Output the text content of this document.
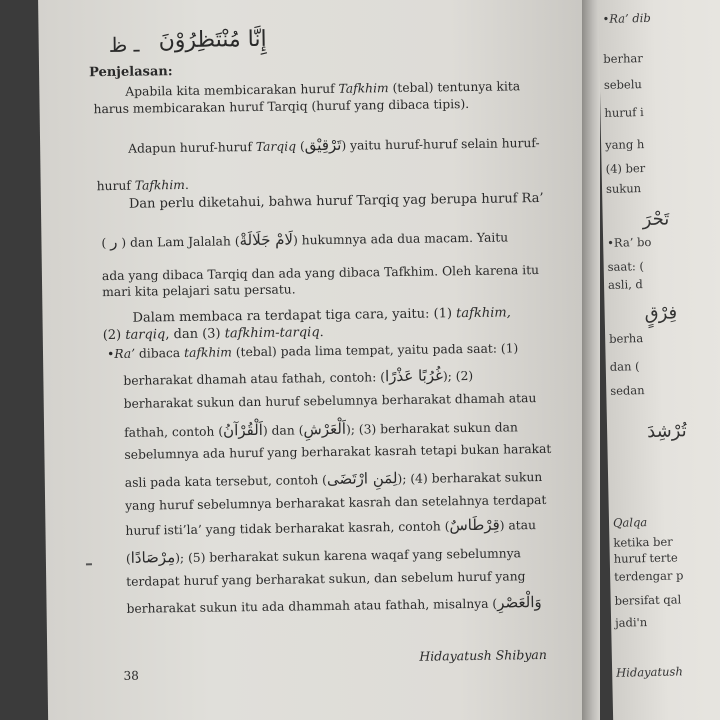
إِنَّا مُنْتَظِرُوْنَ
ـ ظ
Penjelasan:
Apabila kita membicarakan huruf Tafkhim (tebal) tentunya kita
harus membicarakan huruf Tarqiq (huruf yang dibaca tipis).
Adapun huruf-huruf Tarqiq (تَرْقِيْق) yaitu huruf-huruf selain huruf-
huruf Tafkhim.
Dan perlu diketahui, bahwa huruf Tarqiq yag berupa huruf Ra’
( ر ) dan Lam Jalalah (لَامْ جَلَالَةْ) hukumnya ada dua macam. Yaitu
ada yang dibaca Tarqiq dan ada yang dibaca Tafkhim. Oleh karena itu
mari kita pelajari satu persatu.
Dalam membaca ra terdapat tiga cara, yaitu: (1) tafkhim,
(2) tarqiq, dan (3) tafkhim-tarqiq.
•Ra’ dibaca tafkhim (tebal) pada lima tempat, yaitu pada saat: (1)
berharakat dhamah atau fathah, contoh: (غُرُبًا عَذْرًا); (2)
berharakat sukun dan huruf sebelumnya berharakat dhamah atau
fathah, contoh (اَلْقُرْآنُ) dan (اَلْعَرْشِ); (3) berharakat sukun dan
sebelumnya ada huruf yang berharakat kasrah tetapi bukan harakat
asli pada kata tersebut, contoh (لِمَنِ ارْتَضَى); (4) berharakat sukun
yang huruf sebelumnya berharakat kasrah dan setelahnya terdapat
huruf isti’la’ yang tidak berharakat kasrah, contoh (قِرْطَاسٌ) atau
(مِرْصَادًا); (5) berharakat sukun karena waqaf yang sebelumnya
terdapat huruf yang berharakat sukun, dan sebelum huruf yang
berharakat sukun itu ada dhammah atau fathah, misalnya (وَالْعَصْرِ
38
Hidayatush Shibyan
•Ra’ dib
berhar
sebelu
huruf i
yang h
(4) ber
sukun
تَحْرَ
•Ra’ bo
saat: (
asli, d
فِرْقٍ
berha
dan (
sedan
تُرْشِدَ
Qalqa
ketika ber
huruf terte
terdengar p
bersifat qal
jadi'n
Hidayatush
